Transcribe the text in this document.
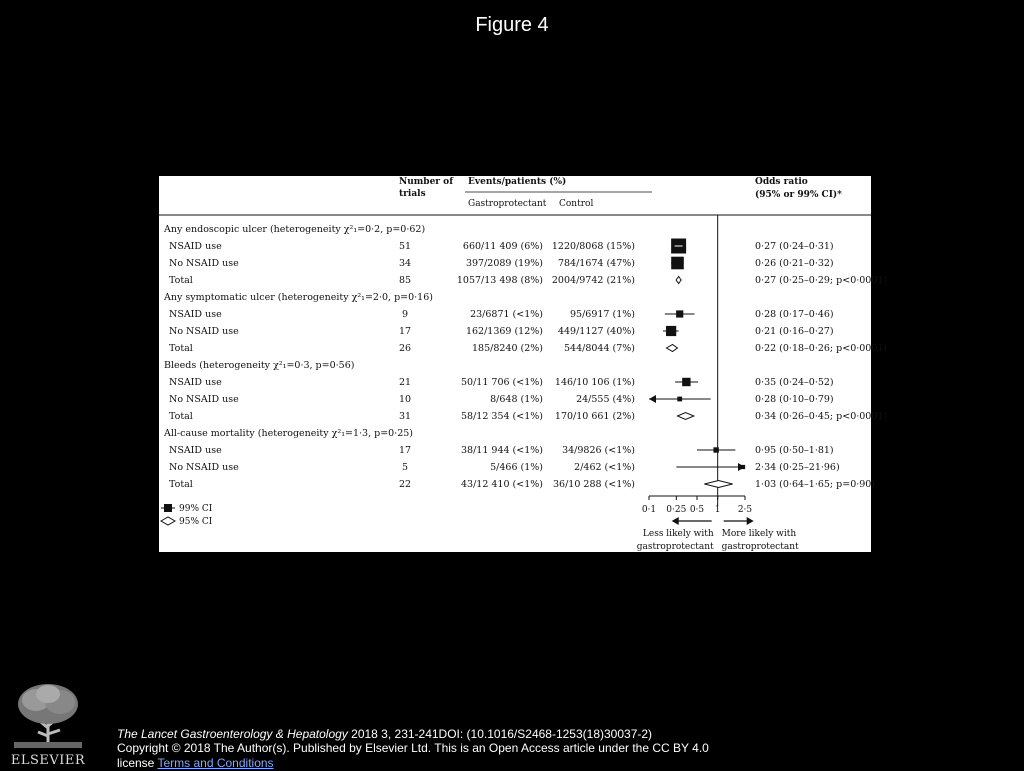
Figure 4
Number of
trials
Events/patients (%)
Gastroprotectant Control
Odds ratio
(95% or 99% CI)*
Any endoscopic ulcer (heterogeneity χ²₁=0·2, p=0·62)
NSAID use	51	660/11 409 (6%) 1220/8068 (15%)	0·27 (0·24–0·31)
No NSAID use	34	397/2089 (19%) 784/1674 (47%)	0·26 (0·21–0·32)
Total	85	1057/13 498 (8%) 2004/9742 (21%)	0·27 (0·25–0·29; p<0·0001)
Any symptomatic ulcer (heterogeneity χ²₁=2·0, p=0·16)
NSAID use	9	23/6871 (<1%)	95/6917 (1%)	0·28 (0·17–0·46)
No NSAID use	17	162/1369 (12%) 449/1127 (40%)	0·21 (0·16–0·27)
Total	26	185/8240 (2%) 544/8044 (7%)	0·22 (0·18–0·26; p<0·0001)
Bleeds (heterogeneity χ²₁=0·3, p=0·56)
NSAID use	21	50/11 706 (<1%) 146/10 106 (1%)	0·35 (0·24–0·52)
No NSAID use	10	8/648 (1%)	24/555 (4%)	0·28 (0·10–0·79)
Total	31	58/12 354 (<1%) 170/10 661 (2%)	0·34 (0·26–0·45; p<0·0001)
All-cause mortality (heterogeneity χ²₁=1·3, p=0·25)
NSAID use	17	38/11 944 (<1%) 34/9826 (<1%)	0·95 (0·50–1·81)
No NSAID use	5	5/466 (1%)	2/462 (<1%)	2·34 (0·25–21·96)
Total	22	43/12 410 (<1%) 36/10 288 (<1%)	1·03 (0·64–1·65; p=0·90)
0·1 0·25 0·5 1 2·5
Less likely with
gastroprotectant
More likely with
gastroprotectant
99% CI
95% CI
ELSEVIER
The Lancet Gastroenterology & Hepatology 2018 3, 231-241DOI: (10.1016/S2468-1253(18)30037-2)
Copyright © 2018 The Author(s). Published by Elsevier Ltd. This is an Open Access article under the CC BY 4.0 license Terms and Conditions
